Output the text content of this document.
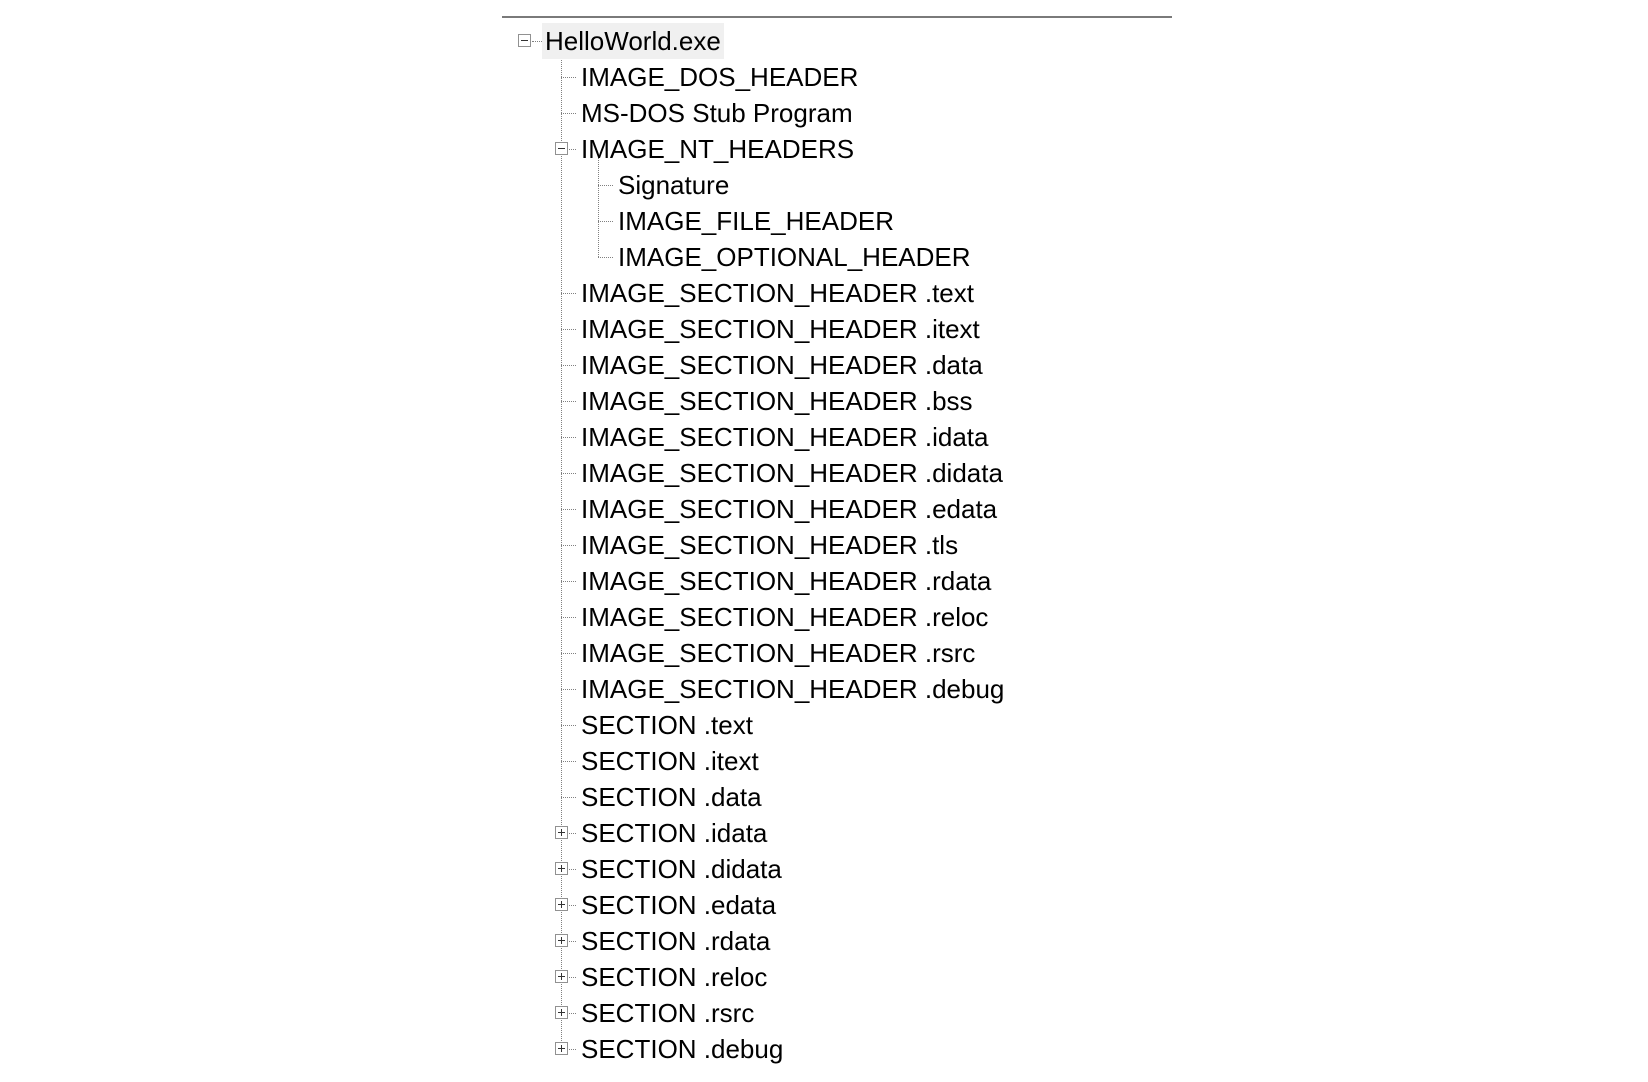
HelloWorld.exe
IMAGE_DOS_HEADER
MS-DOS Stub Program
IMAGE_NT_HEADERS
Signature
IMAGE_FILE_HEADER
IMAGE_OPTIONAL_HEADER
IMAGE_SECTION_HEADER .text
IMAGE_SECTION_HEADER .itext
IMAGE_SECTION_HEADER .data
IMAGE_SECTION_HEADER .bss
IMAGE_SECTION_HEADER .idata
IMAGE_SECTION_HEADER .didata
IMAGE_SECTION_HEADER .edata
IMAGE_SECTION_HEADER .tls
IMAGE_SECTION_HEADER .rdata
IMAGE_SECTION_HEADER .reloc
IMAGE_SECTION_HEADER .rsrc
IMAGE_SECTION_HEADER .debug
SECTION .text
SECTION .itext
SECTION .data
SECTION .idata
SECTION .didata
SECTION .edata
SECTION .rdata
SECTION .reloc
SECTION .rsrc
SECTION .debug
